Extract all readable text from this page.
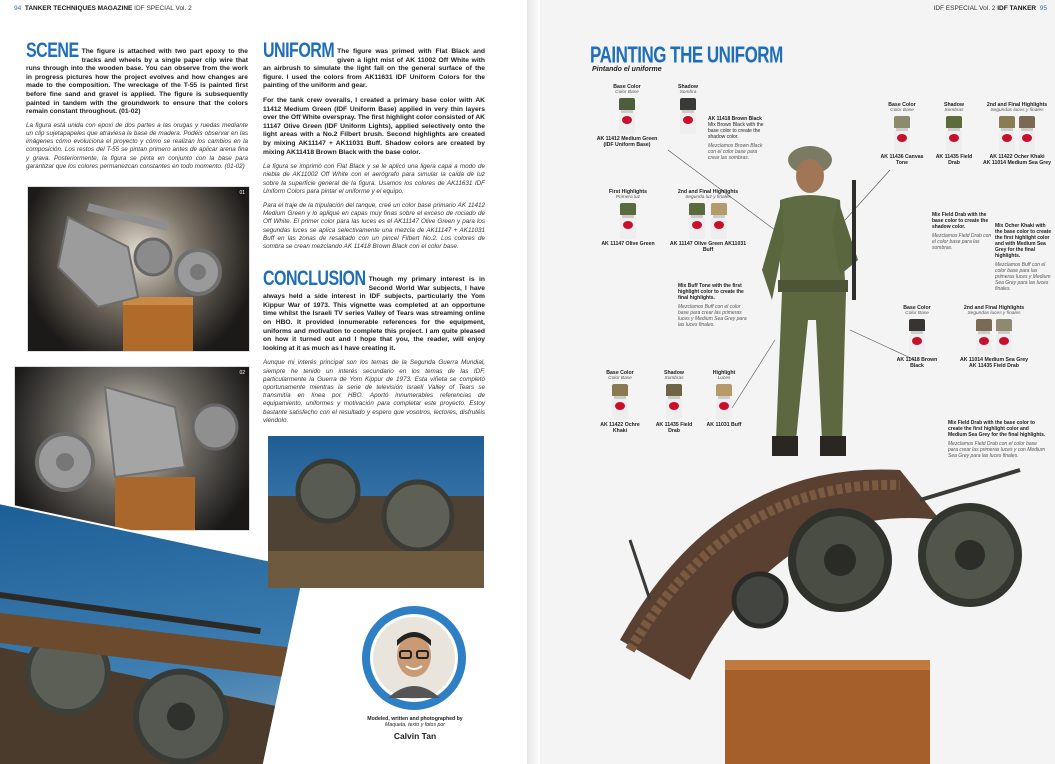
94 TANKER TECHNIQUES MAGAZINE IDF SPECIAL Vol. 2
SCENE The figure is attached with two part epoxy to the tracks and wheels by a single paper clip wire that runs through into the wooden base. You can observe from the work in progress pictures how the project evolves and how changes are made to the composition. The wreckage of the T-55 is painted first before fine sand and gravel is applied. The figure is subsequently painted in tandem with the groundwork to ensure that the colors remain constant throughout. (01-02)
La figura está unida con epoxi de dos partes a las orugas y ruedas mediante un clip sujetapapeles que atraviesa la base de madera. Podéis observar en las imágenes cómo evoluciona el proyecto y cómo se realizan los cambios en la composición. Los restos del T-55 se pintan primero antes de aplicar arena fina y grava. Posteriormente, la figura se pinta en conjunto con la base para garantizar que los colores permanezcan constantes en todo momento. (01-02)
01
02
UNIFORM The figure was primed with Flat Black and given a light mist of AK 11002 Off White with an airbrush to simulate the light fall on the general surface of the figure. I used the colors from AK11631 IDF Uniform Colors for the painting of the uniform and gear.
For the tank crew overalls, I created a primary base color with AK 11412 Medium Green (IDF Uniform Base) applied in very thin layers over the Off White overspray. The first highlight color consisted of AK 11147 Olive Green (IDF Uniform Lights), applied selectively onto the light areas with a No.2 Filbert brush. Second highlights are created by mixing AK11147 + AK11031 Buff. Shadow colors are created by mixing AK11418 Brown Black with the base color.
La figura se imprimó con Flat Black y se le aplicó una ligera capa a modo de niebla de AK11002 Off White con el aerógrafo para simular la caída de luz sobre la superficie general de la figura. Usamos los colores de AK11631 IDF Uniform Colors para pintar el uniforme y el equipo.
Para el traje de la tripulación del tanque, creé un color base primario AK 11412 Medium Green y lo apliqué en capas muy finas sobre el exceso de rociado de Off White. El primer color para las luces es el AK11147 Olive Green y para los segundas luces se aplica selectivamente una mezcla de AK11147 + AK11031 Buff en las zonas de resaltado con un pincel Filbert No.2. Los colores de sombra se crean mezclando AK 11418 Brown Black con el color base.
CONCLUSION Though my primary interest is in Second World War subjects, I have always held a side interest in IDF subjects, particularly the Yom Kippur War of 1973. This vignette was completed at an opportune time whilst the Israeli TV series Valley of Tears was streaming online on HBO. It provided innumerable references for the equipment, uniforms and motivation to complete this project. I am quite pleased on how it turned out and I hope that you, the reader, will enjoy looking at it as much as I have creating it.
Aunque mi interés principal son los temas de la Segunda Guerra Mundial, siempre he tenido un interés secundario en los temas de las IDF, particularmente la Guerra de Yom Kippur de 1973. Esta viñeta se completó oportunamente mientras la serie de televisión israelí Valley of Tears se transmitía en línea por HBO. Aportó innumerables referencias de equipamiento, uniformes y motivación para completar este proyecto. Estoy bastante satisfecho con el resultado y espero que vosotros, lectores, disfrutéis viéndolo.
Modeled, written and photographed by
Maqueta, texto y fotos por
Calvin Tan
IDF ESPECIAL Vol. 2 IDF TANKER 95
PAINTING THE UNIFORM
Pintando el uniforme
Base Color
Color Base
AK 11412 Medium Green (IDF Uniform Base)
Shadow
Sombra
AK 11418 Brown Black
Mix Brown Black with the base color to create the shadow color.
Mezclamos Brown Black con el color base para crear las sombras.
First Highlights
Primera luz
AK 11147 Olive Green
2nd and Final Highlights
Segunda luz y finales
AK 11147 Olive Green AK11031 Buff
Mix Buff Tone with the first highlight color to create the final highlights.
Mezclamos Buff con el color base para crear las primeras luces y Medium Sea Grey para las luces finales.
Base Color
Color Base
AK 11436 Canvas Tone
Shadow
Sombras
AK 11435 Field Drab
2nd and Final Highlights
Segundas luces y finales
AK 11422 Ocher Khaki
AK 11014 Medium Sea Grey
Mix Field Drab with the base color to create the shadow color.
Mezclamos Field Drab con el color base para las sombras.
Mix Ocher Khaki with the base color to create the first highlight color and with Medium Sea Grey for the final highlights.
Mezclamos Buff con el color base para las primeras luces y Medium Sea Grey para las luces finales.
Base Color
Color Base
AK 11418 Brown Black
2nd and Final Highlights
Segundas luces y finales
AK 11014 Medium Sea Grey
AK 11435 Field Drab
Mix Field Drab with the base color to create the first highlight color and Medium Sea Grey for the final highlights.
Mezclamos Field Drab con el color base para crear las primeras luces y con Medium Sea Grey para las luces finales.
Base Color
Color Base
AK 11422 Ochre Khaki
Shadow
Sombras
AK 11435 Field Drab
Highlight
Luces
AK 11031 Buff
